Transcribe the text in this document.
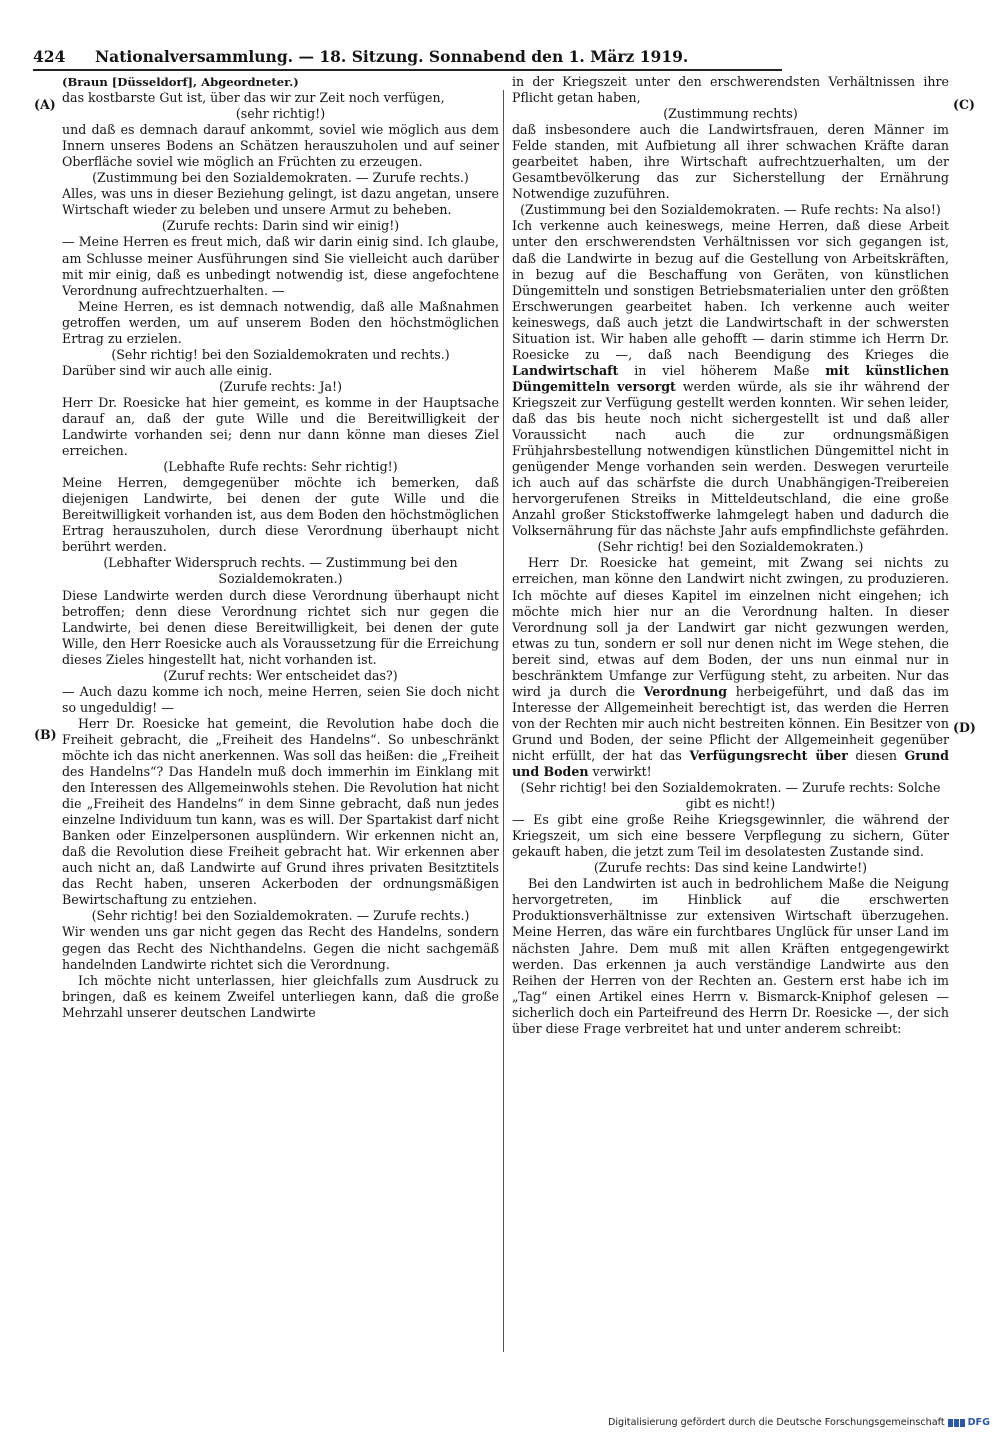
424 Nationalversammlung. — 18. Sitzung. Sonnabend den 1. März 1919.
(A)
(B)
(C)
(D)

(Braun [Düsseldorf], Abgeordneter.)

das kostbarste Gut ist, über das wir zur Zeit noch verfügen,

(sehr richtig!)

und daß es demnach darauf ankommt, soviel wie möglich aus dem Innern unseres Bodens an Schätzen herauszuholen und auf seiner Oberfläche soviel wie möglich an Früchten zu erzeugen.

(Zustimmung bei den Sozialdemokraten. — Zurufe rechts.)

Alles, was uns in dieser Beziehung gelingt, ist dazu angetan, unsere Wirtschaft wieder zu beleben und unsere Armut zu beheben.

(Zurufe rechts: Darin sind wir einig!)

— Meine Herren es freut mich, daß wir darin einig sind. Ich glaube, am Schlusse meiner Ausführungen sind Sie vielleicht auch darüber mit mir einig, daß es unbedingt notwendig ist, diese angefochtene Verordnung aufrechtzuerhalten. —

Meine Herren, es ist demnach notwendig, daß alle Maßnahmen getroffen werden, um auf unserem Boden den höchstmöglichen Ertrag zu erzielen.

(Sehr richtig! bei den Sozialdemokraten und rechts.)

Darüber sind wir auch alle einig.

(Zurufe rechts: Ja!)

Herr Dr. Roesicke hat hier gemeint, es komme in der Hauptsache darauf an, daß der gute Wille und die Bereitwilligkeit der Landwirte vorhanden sei; denn nur dann könne man dieses Ziel erreichen.

(Lebhafte Rufe rechts: Sehr richtig!)

Meine Herren, demgegenüber möchte ich bemerken, daß diejenigen Landwirte, bei denen der gute Wille und die Bereitwilligkeit vorhanden ist, aus dem Boden den höchstmöglichen Ertrag herauszuholen, durch diese Verordnung überhaupt nicht berührt werden.

(Lebhafter Widerspruch rechts. — Zustimmung bei den Sozialdemokraten.)

Diese Landwirte werden durch diese Verordnung überhaupt nicht betroffen; denn diese Verordnung richtet sich nur gegen die Landwirte, bei denen diese Bereitwilligkeit, bei denen der gute Wille, den Herr Roesicke auch als Voraussetzung für die Erreichung dieses Zieles hingestellt hat, nicht vorhanden ist.

(Zuruf rechts: Wer entscheidet das?)

— Auch dazu komme ich noch, meine Herren, seien Sie doch nicht so ungeduldig! —

Herr Dr. Roesicke hat gemeint, die Revolution habe doch die Freiheit gebracht, die „Freiheit des Handelns“. So unbeschränkt möchte ich das nicht anerkennen. Was soll das heißen: die „Freiheit des Handelns“? Das Handeln muß doch immerhin im Einklang mit den Interessen des Allgemeinwohls stehen. Die Revolution hat nicht die „Freiheit des Handelns“ in dem Sinne gebracht, daß nun jedes einzelne Individuum tun kann, was es will. Der Spartakist darf nicht Banken oder Einzelpersonen ausplündern. Wir erkennen nicht an, daß die Revolution diese Freiheit gebracht hat. Wir erkennen aber auch nicht an, daß Landwirte auf Grund ihres privaten Besitztitels das Recht haben, unseren Ackerboden der ordnungsmäßigen Bewirtschaftung zu entziehen.

(Sehr richtig! bei den Sozialdemokraten. — Zurufe rechts.)

Wir wenden uns gar nicht gegen das Recht des Handelns, sondern gegen das Recht des Nichthandelns. Gegen die nicht sachgemäß handelnden Landwirte richtet sich die Verordnung.

Ich möchte nicht unterlassen, hier gleichfalls zum Ausdruck zu bringen, daß es keinem Zweifel unterliegen kann, daß die große Mehrzahl unserer deutschen Landwirte

in der Kriegszeit unter den erschwerendsten Verhältnissen ihre Pflicht getan haben,

(Zustimmung rechts)

daß insbesondere auch die Landwirtsfrauen, deren Männer im Felde standen, mit Aufbietung all ihrer schwachen Kräfte daran gearbeitet haben, ihre Wirtschaft aufrechtzuerhalten, um der Gesamtbevölkerung das zur Sicherstellung der Ernährung Notwendige zuzuführen.

(Zustimmung bei den Sozialdemokraten. — Rufe rechts: Na also!)

Ich verkenne auch keineswegs, meine Herren, daß diese Arbeit unter den erschwerendsten Verhältnissen vor sich gegangen ist, daß die Landwirte in bezug auf die Gestellung von Arbeitskräften, in bezug auf die Beschaffung von Geräten, von künstlichen Düngemitteln und sonstigen Betriebsmaterialien unter den größten Erschwerungen gearbeitet haben. Ich verkenne auch weiter keineswegs, daß auch jetzt die Landwirtschaft in der schwersten Situation ist. Wir haben alle gehofft — darin stimme ich Herrn Dr. Roesicke zu —, daß nach Beendigung des Krieges die Landwirtschaft in viel höherem Maße mit künstlichen Düngemitteln versorgt werden würde, als sie ihr während der Kriegszeit zur Verfügung gestellt werden konnten. Wir sehen leider, daß das bis heute noch nicht sichergestellt ist und daß aller Voraussicht nach auch die zur ordnungsmäßigen Frühjahrsbestellung notwendigen künstlichen Düngemittel nicht in genügender Menge vorhanden sein werden. Deswegen verurteile ich auch auf das schärfste die durch Unabhängigen-Treibereien hervorgerufenen Streiks in Mitteldeutschland, die eine große Anzahl großer Stickstoffwerke lahmgelegt haben und dadurch die Volksernährung für das nächste Jahr aufs empfindlichste gefährden.

(Sehr richtig! bei den Sozialdemokraten.)

Herr Dr. Roesicke hat gemeint, mit Zwang sei nichts zu erreichen, man könne den Landwirt nicht zwingen, zu produzieren. Ich möchte auf dieses Kapitel im einzelnen nicht eingehen; ich möchte mich hier nur an die Verordnung halten. In dieser Verordnung soll ja der Landwirt gar nicht gezwungen werden, etwas zu tun, sondern er soll nur denen nicht im Wege stehen, die bereit sind, etwas auf dem Boden, der uns nun einmal nur in beschränktem Umfange zur Verfügung steht, zu arbeiten. Nur das wird ja durch die Verordnung herbeigeführt, und daß das im Interesse der Allgemeinheit berechtigt ist, das werden die Herren von der Rechten mir auch nicht bestreiten können. Ein Besitzer von Grund und Boden, der seine Pflicht der Allgemeinheit gegenüber nicht erfüllt, der hat das Verfügungsrecht über diesen Grund und Boden verwirkt!

(Sehr richtig! bei den Sozialdemokraten. — Zurufe rechts: Solche gibt es nicht!)

— Es gibt eine große Reihe Kriegsgewinnler, die während der Kriegszeit, um sich eine bessere Verpflegung zu sichern, Güter gekauft haben, die jetzt zum Teil im desolatesten Zustande sind.

(Zurufe rechts: Das sind keine Landwirte!)

Bei den Landwirten ist auch in bedrohlichem Maße die Neigung hervorgetreten, im Hinblick auf die erschwerten Produktionsverhältnisse zur extensiven Wirtschaft überzugehen. Meine Herren, das wäre ein furchtbares Unglück für unser Land im nächsten Jahre. Dem muß mit allen Kräften entgegengewirkt werden. Das erkennen ja auch verständige Landwirte aus den Reihen der Herren von der Rechten an. Gestern erst habe ich im „Tag“ einen Artikel eines Herrn v. Bismarck-Kniphof gelesen — sicherlich doch ein Parteifreund des Herrn Dr. Roesicke —, der sich über diese Frage verbreitet hat und unter anderem schreibt:

Digitalisierung gefördert durch die Deutsche Forschungsgemeinschaft DFG
